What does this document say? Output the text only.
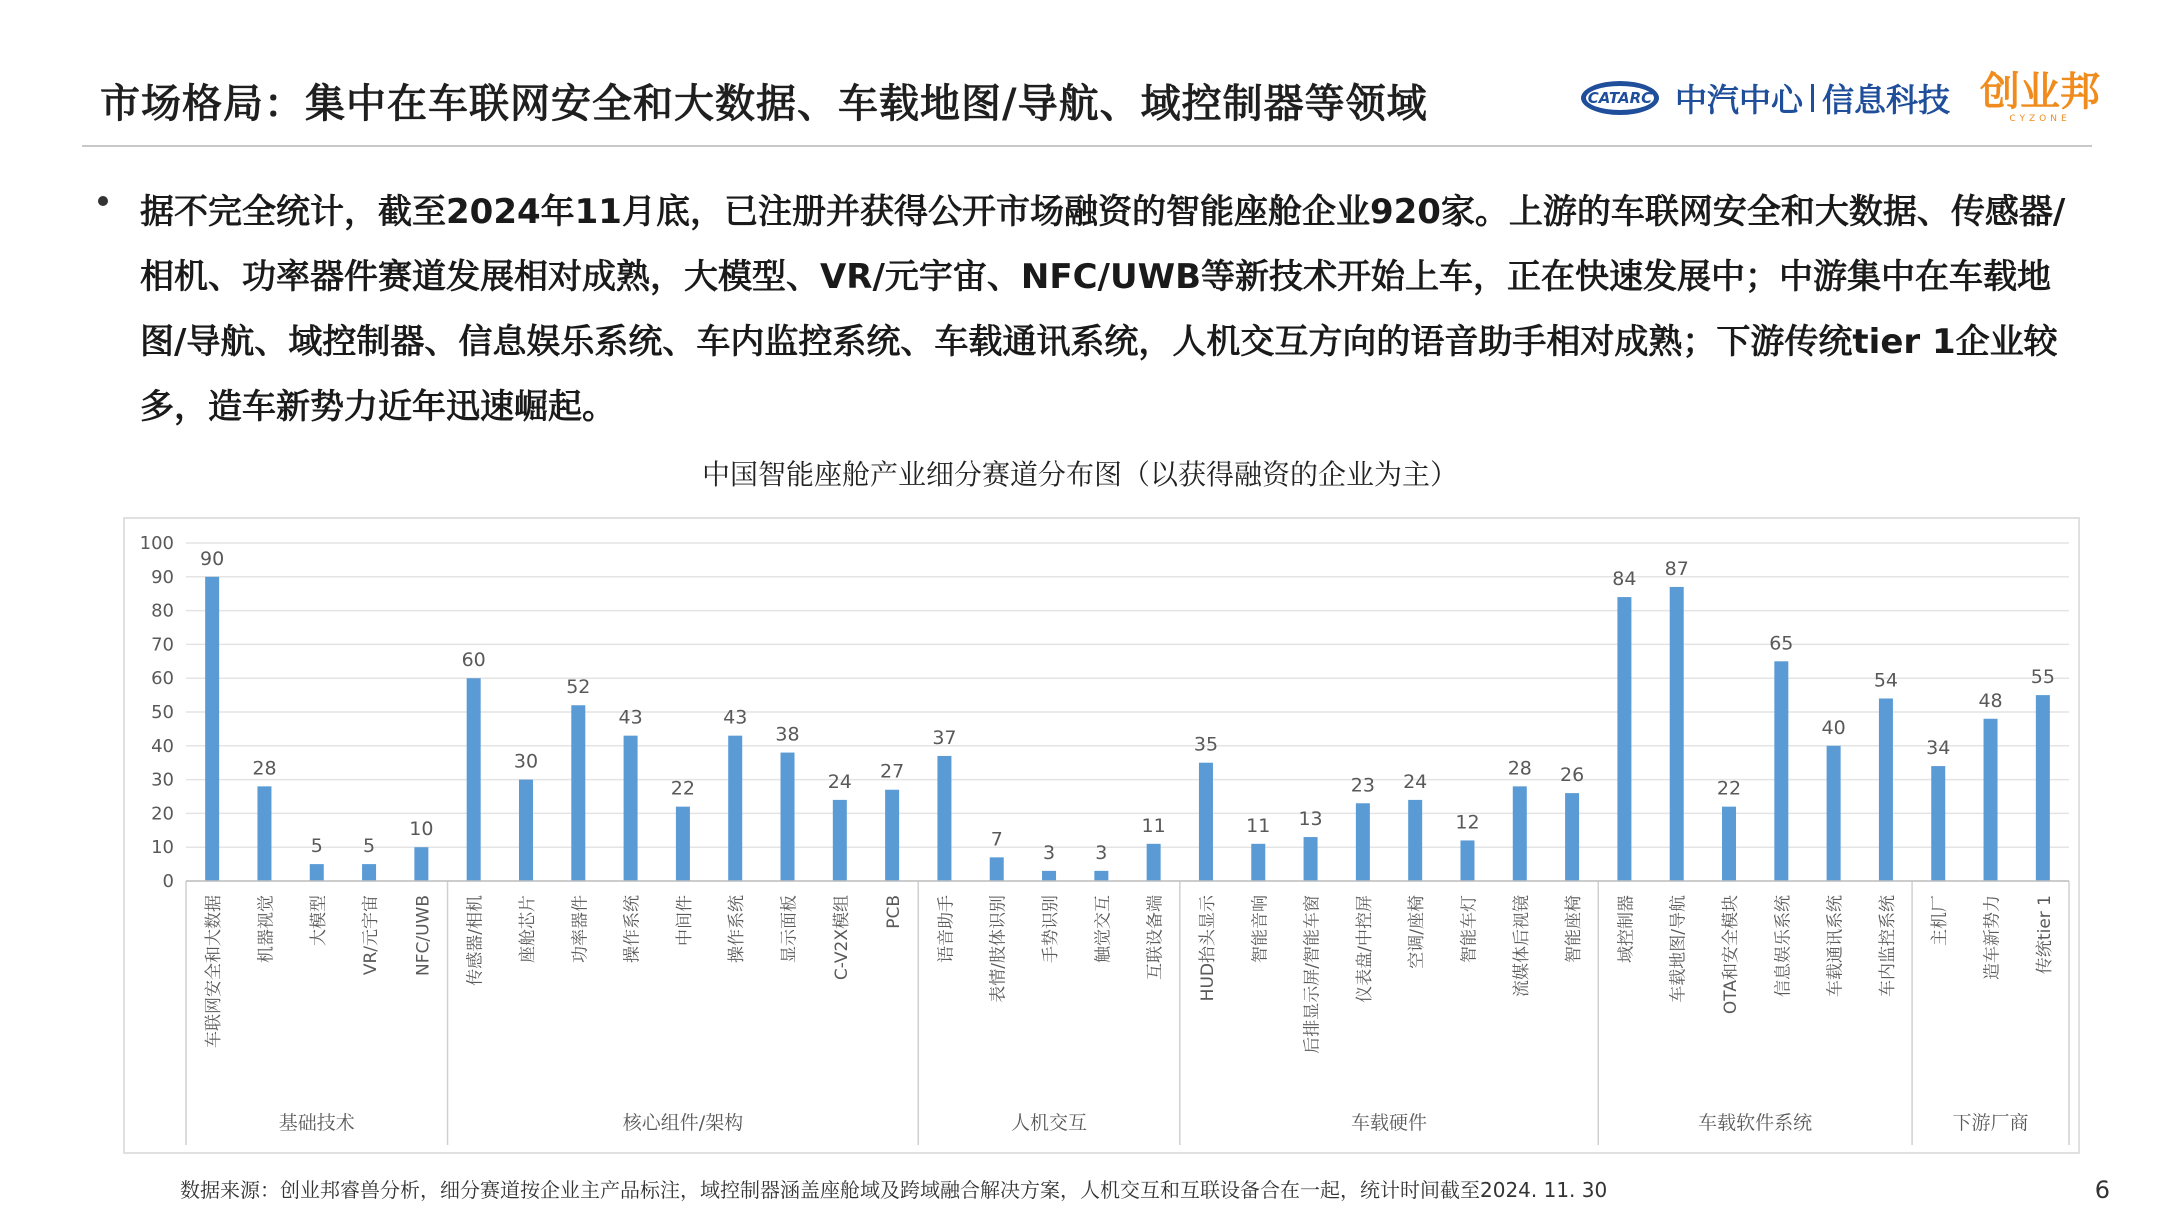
市场格局：集中在车联网安全和大数据、车载地图/导航、域控制器等领域	CATARC 中汽中心 信息科技 创业邦
CYZONE
据不完全统计，截至2024年11月底，已注册并获得公开市场融资的智能座舱企业920家。上游的车联网安全和大数据、传感器/相机、功率器件赛道发展相对成熟，大模型、VR/元宇宙、NFC/UWB等新技术开始上车，正在快速发展中；中游集中在车载地图/导航、域控制器、信息娱乐系统、车内监控系统、车载通讯系统，人机交互方向的语音助手相对成熟；下游传统tier 1企业较多，造车新势力近年迅速崛起。
中国智能座舱产业细分赛道分布图（以获得融资的企业为主）
0
10
20
30
40
50
60
70
80
90
100
90
车联网安全和大数据
28
机器视觉
5
大模型
5
VR/元宇宙
10
NFC/UWB
60
传感器/相机
30
座舱芯片
52
功率器件
43
操作系统
22
中间件
43
操作系统
38
显示面板
24
C-V2X模组
27
PCB
37
语音助手
7
表情/肢体识别
3
手势识别
3
触觉交互
11
互联设备端
35
HUD抬头显示
11
智能音响
13
后排显示屏/智能车窗
23
仪表盘/中控屏
24
空调/座椅
12
智能车灯
28
流媒体后视镜
26
智能座椅
84
域控制器
87
车载地图/导航
22
OTA和安全模块
65
信息娱乐系统
40
车载通讯系统
54
车内监控系统
34
主机厂
48
造车新势力
55
传统tier 1
基础技术	核心组件/架构	人机交互	车载硬件	车载软件系统	下游厂商
数据来源：创业邦睿兽分析，细分赛道按企业主产品标注，域控制器涵盖座舱域及跨域融合解决方案，人机交互和互联设备合在一起，统计时间截至2024. 11. 30	6
